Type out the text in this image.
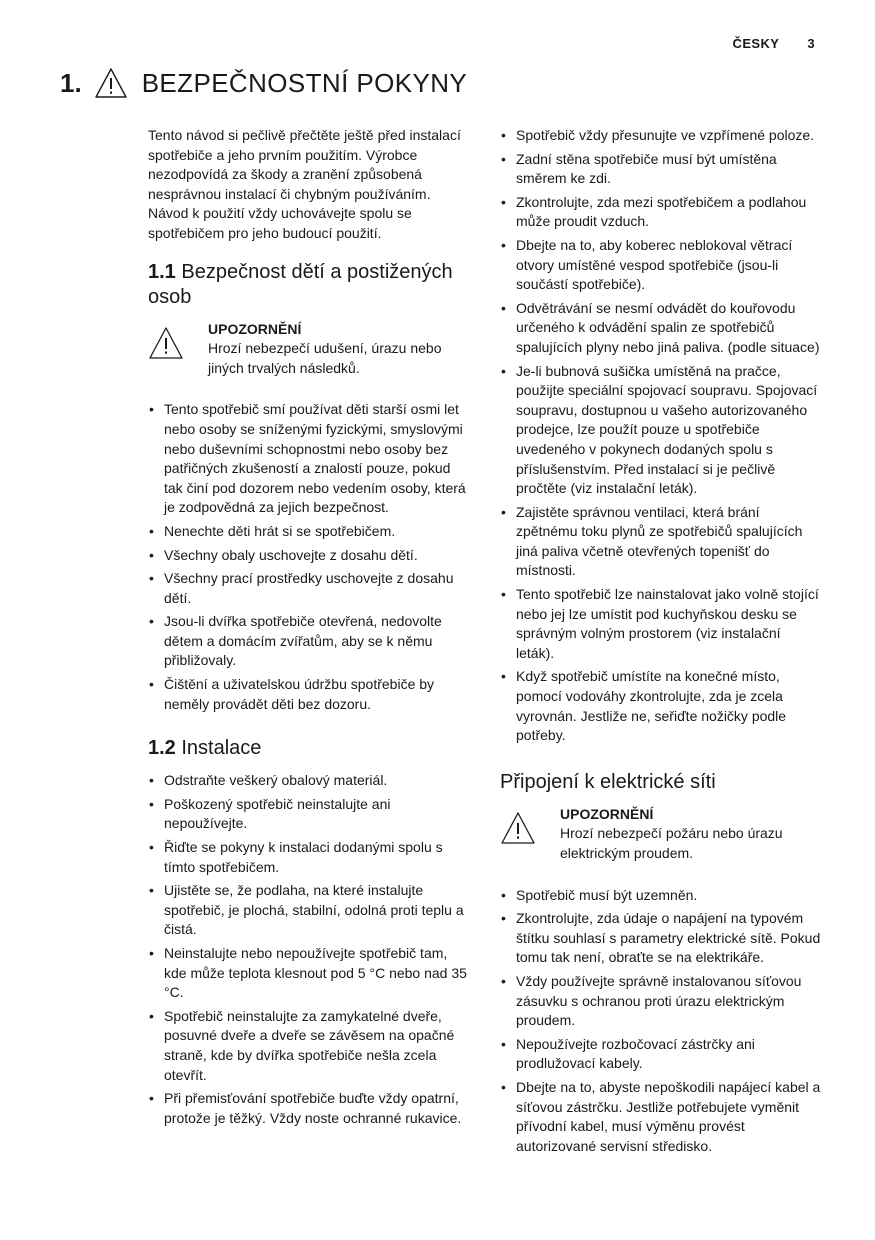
ČESKY 3
1. BEZPEČNOSTNÍ POKYNY

Tento návod si pečlivě přečtěte ještě před instalací spotřebiče a jeho prvním použitím. Výrobce nezodpovídá za škody a zranění způsobená nesprávnou instalací či chybným používáním. Návod k použití vždy uchovávejte spolu se spotřebičem pro jeho budoucí použití.

1.1 Bezpečnost dětí a postižených osob
UPOZORNĚNÍ
Hrozí nebezpečí udušení, úrazu nebo jiných trvalých následků.
• Tento spotřebič smí používat děti starší osmi let nebo osoby se sníženými fyzickými, smyslovými nebo duševními schopnostmi nebo osoby bez patřičných zkušeností a znalostí pouze, pokud tak činí pod dozorem nebo vedením osoby, která je zodpovědná za jejich bezpečnost.
• Nenechte děti hrát si se spotřebičem.
• Všechny obaly uschovejte z dosahu dětí.
• Všechny prací prostředky uschovejte z dosahu dětí.
• Jsou-li dvířka spotřebiče otevřená, nedovolte dětem a domácím zvířatům, aby se k němu přibližovaly.
• Čištění a uživatelskou údržbu spotřebiče by neměly provádět děti bez dozoru.
1.2 Instalace
• Odstraňte veškerý obalový materiál.
• Poškozený spotřebič neinstalujte ani nepoužívejte.
• Řiďte se pokyny k instalaci dodanými spolu s tímto spotřebičem.
• Ujistěte se, že podlaha, na které instalujte spotřebič, je plochá, stabilní, odolná proti teplu a čistá.
• Neinstalujte nebo nepoužívejte spotřebič tam, kde může teplota klesnout pod 5 °C nebo nad 35 °C.
• Spotřebič neinstalujte za zamykatelné dveře, posuvné dveře a dveře se závěsem na opačné straně, kde by dvířka spotřebiče nešla zcela otevřít.
• Při přemisťování spotřebiče buďte vždy opatrní, protože je těžký. Vždy noste ochranné rukavice.
• Spotřebič vždy přesunujte ve vzpřímené poloze.
• Zadní stěna spotřebiče musí být umístěna směrem ke zdi.
• Zkontrolujte, zda mezi spotřebičem a podlahou může proudit vzduch.
• Dbejte na to, aby koberec neblokoval větrací otvory umístěné vespod spotřebiče (jsou-li součástí spotřebiče).
• Odvětrávání se nesmí odvádět do kouřovodu určeného k odvádění spalin ze spotřebičů spalujících plyny nebo jiná paliva. (podle situace)
• Je-li bubnová sušička umístěná na pračce, použijte speciální spojovací soupravu. Spojovací soupravu, dostupnou u vašeho autorizovaného prodejce, lze použít pouze u spotřebiče uvedeného v pokynech dodaných spolu s příslušenstvím. Před instalací si je pečlivě pročtěte (viz instalační leták).
• Zajistěte správnou ventilaci, která brání zpětnému toku plynů ze spotřebičů spalujících jiná paliva včetně otevřených topenišť do místnosti.
• Tento spotřebič lze nainstalovat jako volně stojící nebo jej lze umístit pod kuchyňskou desku se správným volným prostorem (viz instalační leták).
• Když spotřebič umístíte na konečné místo, pomocí vodováhy zkontrolujte, zda je zcela vyrovnán. Jestliže ne, seřiďte nožičky podle potřeby.
Připojení k elektrické síti
UPOZORNĚNÍ
Hrozí nebezpečí požáru nebo úrazu elektrickým proudem.
• Spotřebič musí být uzemněn.
• Zkontrolujte, zda údaje o napájení na typovém štítku souhlasí s parametry elektrické sítě. Pokud tomu tak není, obraťte se na elektrikáře.
• Vždy používejte správně instalovanou síťovou zásuvku s ochranou proti úrazu elektrickým proudem.
• Nepoužívejte rozbočovací zástrčky ani prodlužovací kabely.
• Dbejte na to, abyste nepoškodili napájecí kabel a síťovou zástrčku. Jestliže potřebujete vyměnit přívodní kabel, musí výměnu provést autorizované servisní středisko.
